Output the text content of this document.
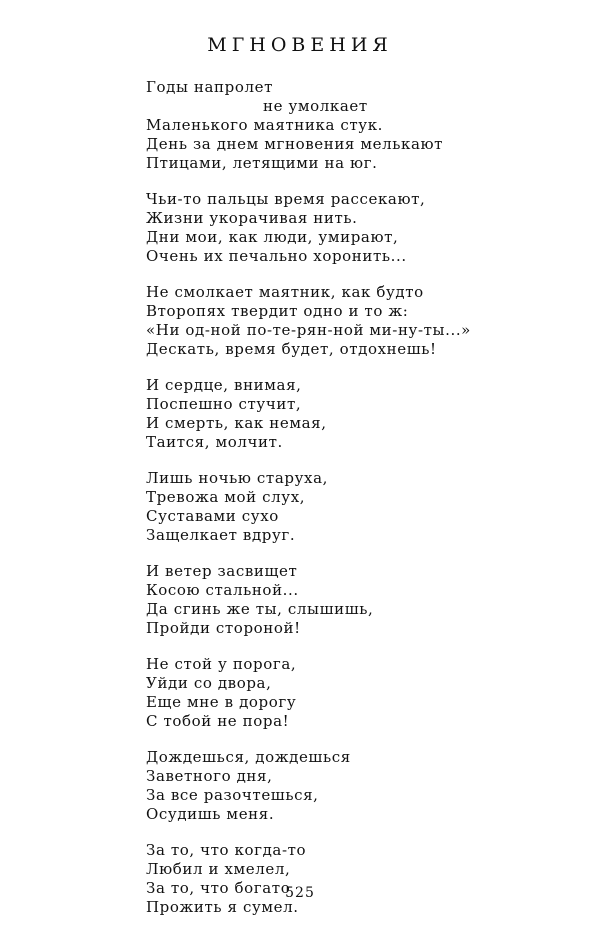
МГНОВЕНИЯ
Годы напролет
не умолкает
Маленького маятника стук.
День за днем мгновения мелькают
Птицами, летящими на юг.
Чьи-то пальцы время рассекают,
Жизни укорачивая нить.
Дни мои, как люди, умирают,
Очень их печально хоронить...
Не смолкает маятник, как будто
Второпях твердит одно и то ж:
«Ни од-ной по-те-рян-ной ми-ну-ты...»
Дескать, время будет, отдохнешь!
И сердце, внимая,
Поспешно стучит,
И смерть, как немая,
Таится, молчит.
Лишь ночью старуха,
Тревожа мой слух,
Суставами сухо
Защелкает вдруг.
И ветер засвищет
Косою стальной...
Да сгинь же ты, слышишь,
Пройди стороной!
Не стой у порога,
Уйди со двора,
Еще мне в дорогу
С тобой не пора!
Дождешься, дождешься
Заветного дня,
За все разочтешься,
Осудишь меня.
За то, что когда-то
Любил и хмелел,
За то, что богато
Прожить я сумел.
525
